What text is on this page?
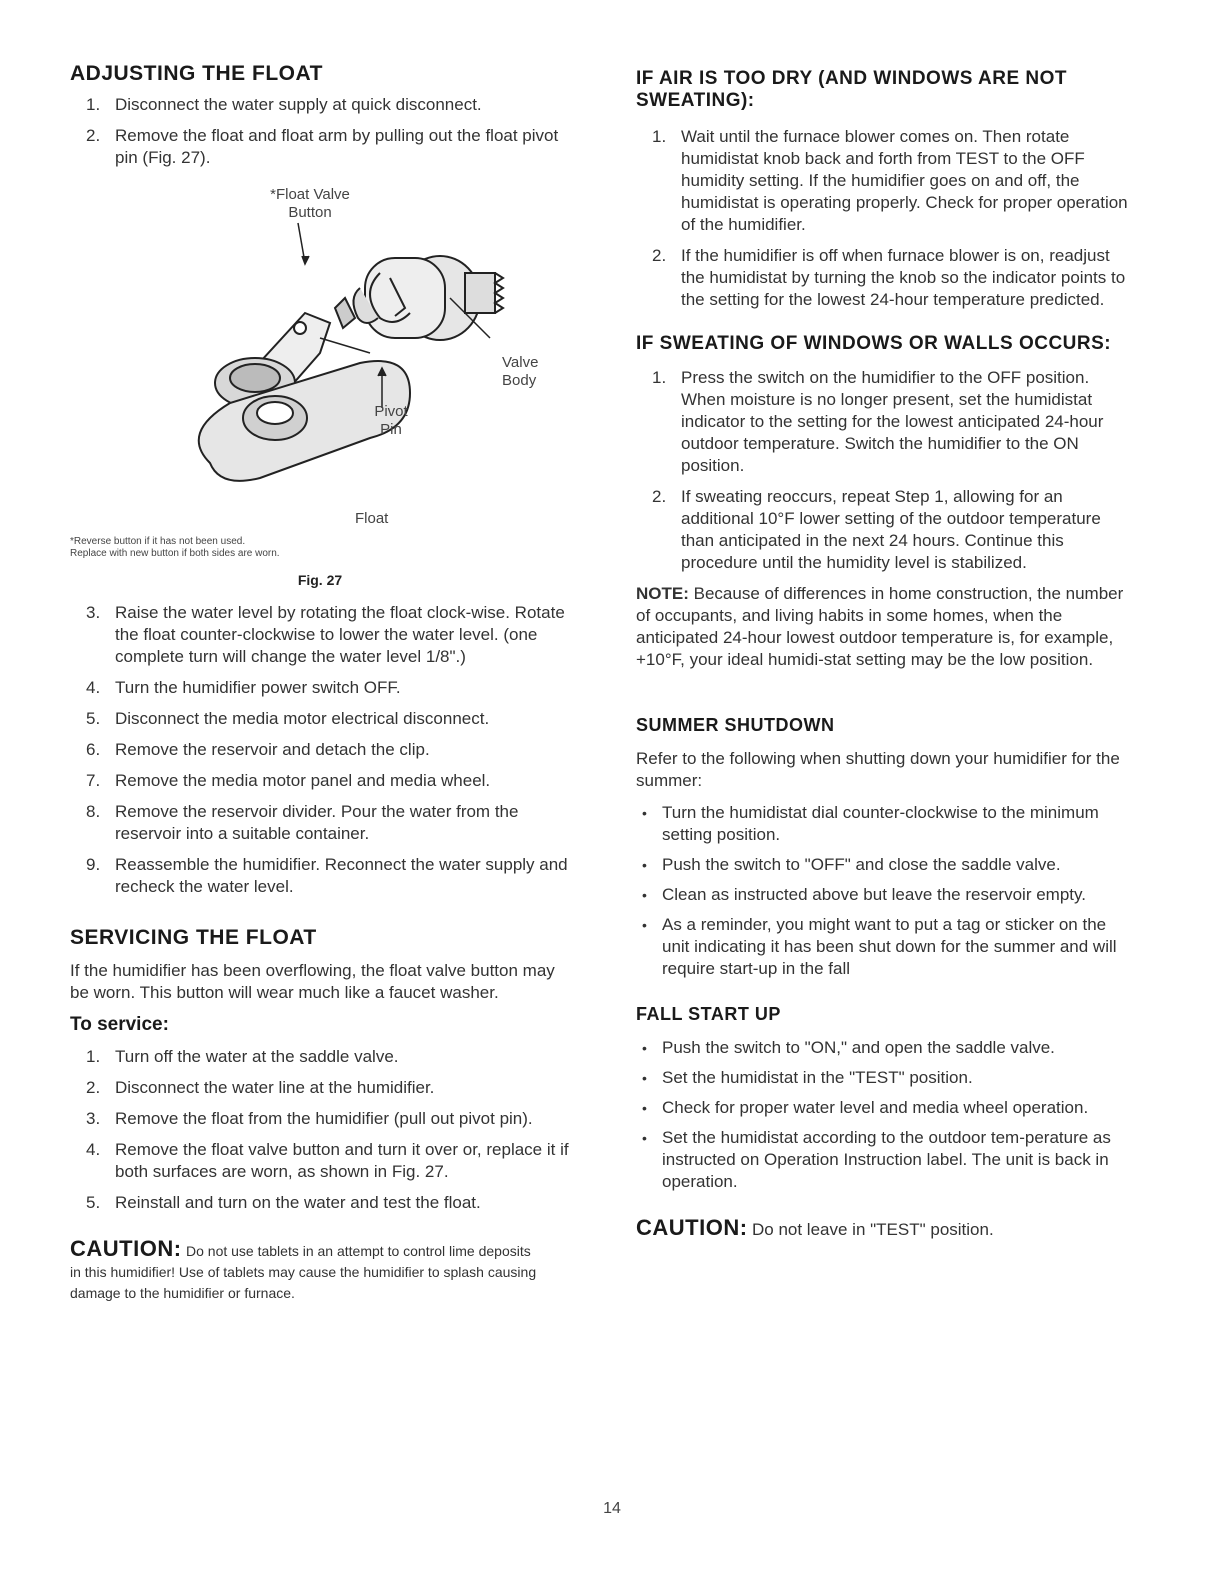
ADJUSTING THE FLOAT
1. Disconnect the water supply at quick disconnect.
2. Remove the float and float arm by pulling out the float pivot pin (Fig. 27).
*Float Valve Button
Valve Body
Pivot Pin
Float
*Reverse button if it has not been used.
Replace with new button if both sides are worn.
Fig. 27
3. Raise the water level by rotating the float clock-wise. Rotate the float counter-clockwise to lower the water level. (one complete turn will change the water level 1/8".)
4. Turn the humidifier power switch OFF.
5. Disconnect the media motor electrical disconnect.
6. Remove the reservoir and detach the clip.
7. Remove the media motor panel and media wheel.
8. Remove the reservoir divider. Pour the water from the reservoir into a suitable container.
9. Reassemble the humidifier. Reconnect the water supply and recheck the water level.
SERVICING THE FLOAT

If the humidifier has been overflowing, the float valve button may be worn. This button will wear much like a faucet washer.

To service:
1. Turn off the water at the saddle valve.
2. Disconnect the water line at the humidifier.
3. Remove the float from the humidifier (pull out pivot pin).
4. Remove the float valve button and turn it over or, replace it if both surfaces are worn, as shown in Fig. 27.
5. Reinstall and turn on the water and test the float.
CAUTION: Do not use tablets in an attempt to control lime deposits in this humidifier! Use of tablets may cause the humidifier to splash causing damage to the humidifier or furnace.
IF AIR IS TOO DRY (AND WINDOWS ARE NOT SWEATING):
1. Wait until the furnace blower comes on. Then rotate humidistat knob back and forth from TEST to the OFF humidity setting. If the humidifier goes on and off, the humidistat is operating properly. Check for proper operation of the humidifier.
2. If the humidifier is off when furnace blower is on, readjust the humidistat by turning the knob so the indicator points to the setting for the lowest 24-hour temperature predicted.
IF SWEATING OF WINDOWS OR WALLS OCCURS:
1. Press the switch on the humidifier to the OFF position. When moisture is no longer present, set the humidistat indicator to the setting for the lowest anticipated 24-hour outdoor temperature. Switch the humidifier to the ON position.
2. If sweating reoccurs, repeat Step 1, allowing for an additional 10°F lower setting of the outdoor temperature than anticipated in the next 24 hours. Continue this procedure until the humidity level is stabilized.

NOTE: Because of differences in home construction, the number of occupants, and living habits in some homes, when the anticipated 24-hour lowest outdoor temperature is, for example, +10°F, your ideal humidi-stat setting may be the low position.

SUMMER SHUTDOWN

Refer to the following when shutting down your humidifier for the summer:

• Turn the humidistat dial counter-clockwise to the minimum setting position.
• Push the switch to "OFF" and close the saddle valve.
• Clean as instructed above but leave the reservoir empty.
• As a reminder, you might want to put a tag or sticker on the unit indicating it has been shut down for the summer and will require start-up in the fall
FALL START UP
• Push the switch to "ON," and open the saddle valve.
• Set the humidistat in the "TEST" position.
• Check for proper water level and media wheel operation.
• Set the humidistat according to the outdoor tem-perature as instructed on Operation Instruction label. The unit is back in operation.
CAUTION: Do not leave in "TEST" position.
14
